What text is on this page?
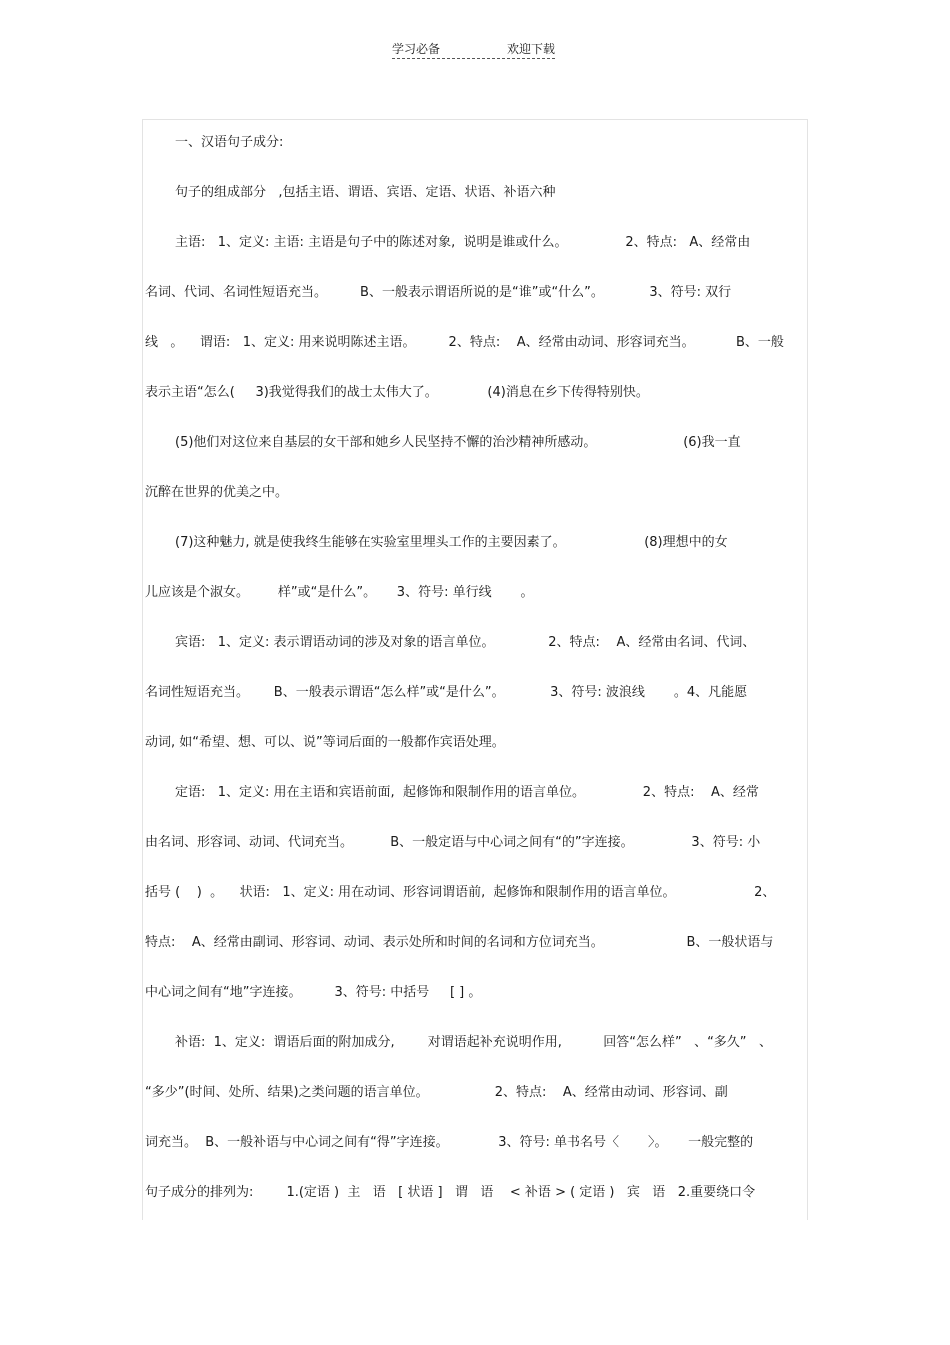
学习必备	欢迎下载
一、汉语句子成分:
句子的组成部分   ,包括主语、谓语、宾语、定语、状语、补语六种
主语:   1、定义: 主语: 主语是句子中的陈述对象,  说明是谁或什么。              2、特点:   A、经常由
名词、代词、名词性短语充当。        B、一般表示谓语所说的是“谁”或“什么”。           3、符号: 双行
线   。    谓语:   1、定义: 用来说明陈述主语。        2、特点:    A、经常由动词、形容词充当。          B、一般
表示主语“怎么(     3)我觉得我们的战士太伟大了。            (4)消息在乡下传得特别快。
(5)他们对这位来自基层的女干部和她乡人民坚持不懈的治沙精神所感动。                     (6)我一直
沉醉在世界的优美之中。
(7)这种魅力, 就是使我终生能够在实验室里埋头工作的主要因素了。                   (8)理想中的女
儿应该是个淑女。       样”或“是什么”。     3、符号: 单行线       。
宾语:   1、定义: 表示谓语动词的涉及对象的语言单位。             2、特点:    A、经常由名词、代词、
名词性短语充当。      B、一般表示谓语“怎么样”或“是什么”。           3、符号: 波浪线       。4、凡能愿
动词, 如“希望、想、可以、说”等词后面的一般都作宾语处理。
定语:   1、定义: 用在主语和宾语前面,  起修饰和限制作用的语言单位。              2、特点:    A、经常
由名词、形容词、动词、代词充当。         B、一般定语与中心词之间有“的”字连接。              3、符号: 小
括号 (    )  。    状语:   1、定义: 用在动词、形容词谓语前,  起修饰和限制作用的语言单位。                   2、
特点:    A、经常由副词、形容词、动词、表示处所和时间的名词和方位词充当。                    B、一般状语与
中心词之间有“地”字连接。        3、符号: 中括号     [ ] 。
补语:  1、定义:  谓语后面的附加成分,        对谓语起补充说明作用,          回答“怎么样”   、“多久”   、
“多少”(时间、处所、结果)之类问题的语言单位。                2、特点:    A、经常由动词、形容词、副
词充当。  B、一般补语与中心词之间有“得”字连接。            3、符号: 单书名号〈       〉。     一般完整的
句子成分的排列为:        1.(定语 )  主   语   [ 状语 ]   谓   语    < 补语 > ( 定语 )   宾   语   2.重要绕口令
